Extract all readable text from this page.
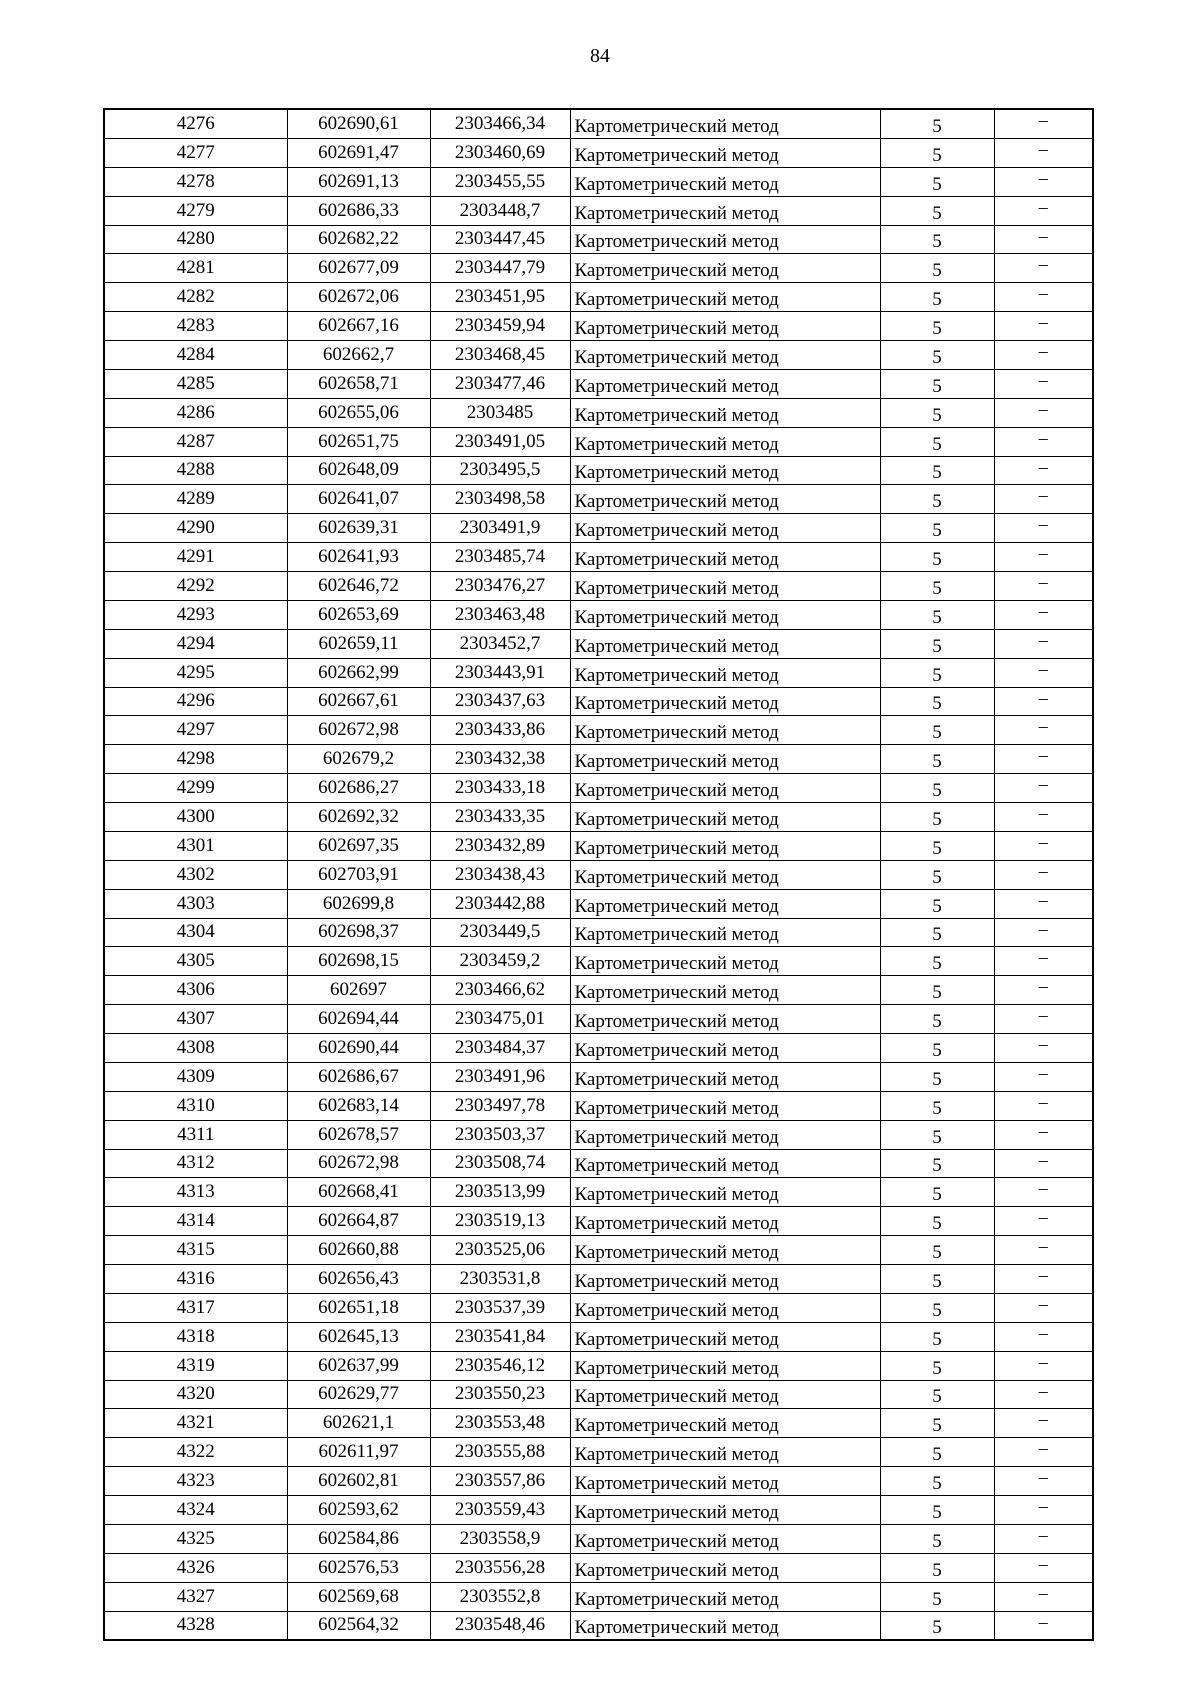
84
4276	602690,61	2303466,34	Картометрический метод	5	–
4277	602691,47	2303460,69	Картометрический метод	5	–
4278	602691,13	2303455,55	Картометрический метод	5	–
4279	602686,33	2303448,7	Картометрический метод	5	–
4280	602682,22	2303447,45	Картометрический метод	5	–
4281	602677,09	2303447,79	Картометрический метод	5	–
4282	602672,06	2303451,95	Картометрический метод	5	–
4283	602667,16	2303459,94	Картометрический метод	5	–
4284	602662,7	2303468,45	Картометрический метод	5	–
4285	602658,71	2303477,46	Картометрический метод	5	–
4286	602655,06	2303485	Картометрический метод	5	–
4287	602651,75	2303491,05	Картометрический метод	5	–
4288	602648,09	2303495,5	Картометрический метод	5	–
4289	602641,07	2303498,58	Картометрический метод	5	–
4290	602639,31	2303491,9	Картометрический метод	5	–
4291	602641,93	2303485,74	Картометрический метод	5	–
4292	602646,72	2303476,27	Картометрический метод	5	–
4293	602653,69	2303463,48	Картометрический метод	5	–
4294	602659,11	2303452,7	Картометрический метод	5	–
4295	602662,99	2303443,91	Картометрический метод	5	–
4296	602667,61	2303437,63	Картометрический метод	5	–
4297	602672,98	2303433,86	Картометрический метод	5	–
4298	602679,2	2303432,38	Картометрический метод	5	–
4299	602686,27	2303433,18	Картометрический метод	5	–
4300	602692,32	2303433,35	Картометрический метод	5	–
4301	602697,35	2303432,89	Картометрический метод	5	–
4302	602703,91	2303438,43	Картометрический метод	5	–
4303	602699,8	2303442,88	Картометрический метод	5	–
4304	602698,37	2303449,5	Картометрический метод	5	–
4305	602698,15	2303459,2	Картометрический метод	5	–
4306	602697	2303466,62	Картометрический метод	5	–
4307	602694,44	2303475,01	Картометрический метод	5	–
4308	602690,44	2303484,37	Картометрический метод	5	–
4309	602686,67	2303491,96	Картометрический метод	5	–
4310	602683,14	2303497,78	Картометрический метод	5	–
4311	602678,57	2303503,37	Картометрический метод	5	–
4312	602672,98	2303508,74	Картометрический метод	5	–
4313	602668,41	2303513,99	Картометрический метод	5	–
4314	602664,87	2303519,13	Картометрический метод	5	–
4315	602660,88	2303525,06	Картометрический метод	5	–
4316	602656,43	2303531,8	Картометрический метод	5	–
4317	602651,18	2303537,39	Картометрический метод	5	–
4318	602645,13	2303541,84	Картометрический метод	5	–
4319	602637,99	2303546,12	Картометрический метод	5	–
4320	602629,77	2303550,23	Картометрический метод	5	–
4321	602621,1	2303553,48	Картометрический метод	5	–
4322	602611,97	2303555,88	Картометрический метод	5	–
4323	602602,81	2303557,86	Картометрический метод	5	–
4324	602593,62	2303559,43	Картометрический метод	5	–
4325	602584,86	2303558,9	Картометрический метод	5	–
4326	602576,53	2303556,28	Картометрический метод	5	–
4327	602569,68	2303552,8	Картометрический метод	5	–
4328	602564,32	2303548,46	Картометрический метод	5	–
